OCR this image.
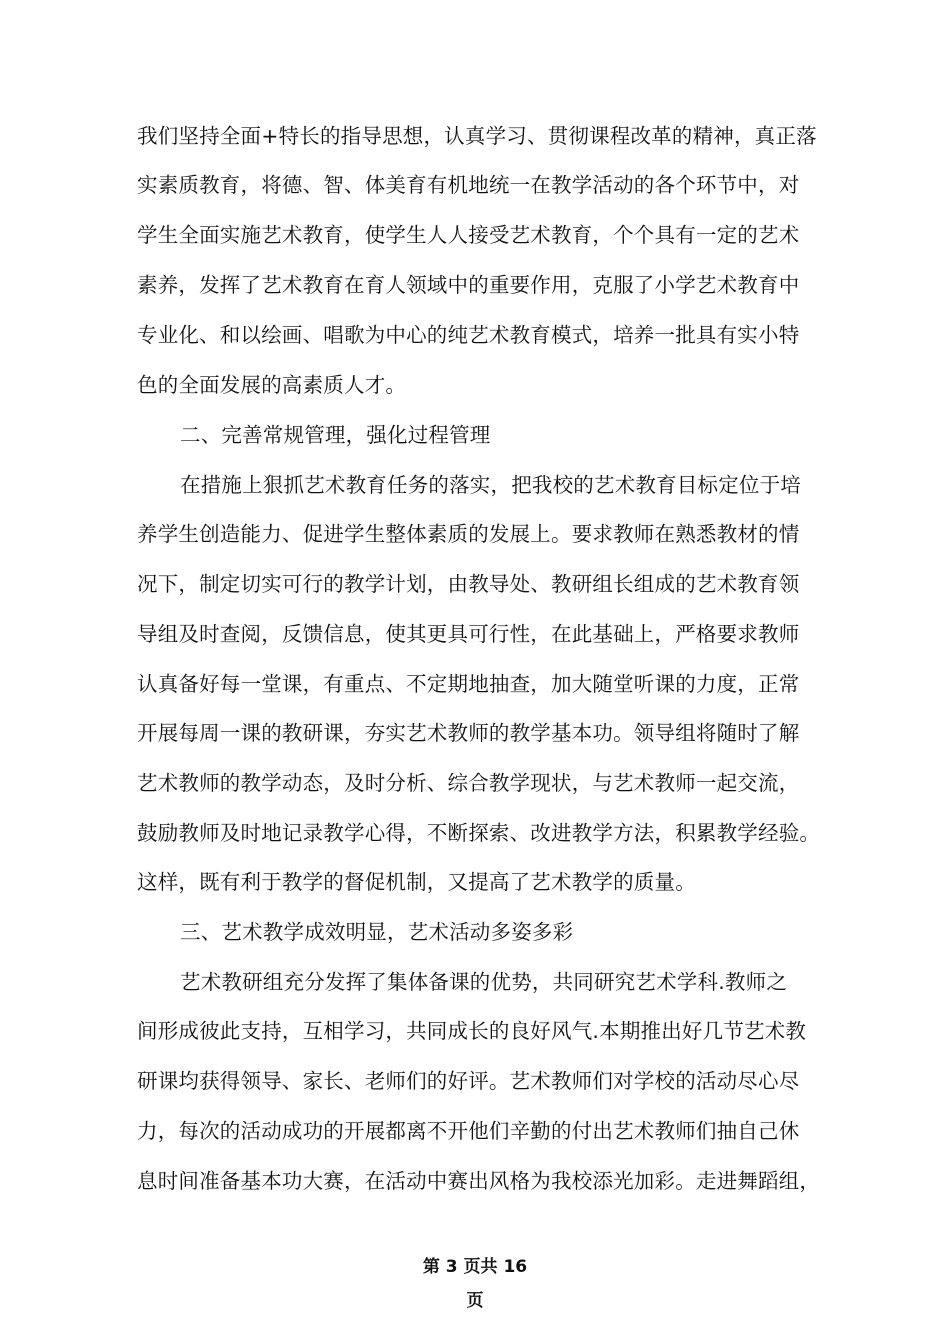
我们坚持全面+特长的指导思想，认真学习、贯彻课程改革的精神，真正落
实素质教育，将德、智、体美育有机地统一在教学活动的各个环节中，对
学生全面实施艺术教育，使学生人人接受艺术教育，个个具有一定的艺术
素养，发挥了艺术教育在育人领域中的重要作用，克服了小学艺术教育中
专业化、和以绘画、唱歌为中心的纯艺术教育模式，培养一批具有实小特
色的全面发展的高素质人才。
二、完善常规管理，强化过程管理
在措施上狠抓艺术教育任务的落实，把我校的艺术教育目标定位于培
养学生创造能力、促进学生整体素质的发展上。要求教师在熟悉教材的情
况下，制定切实可行的教学计划，由教导处、教研组长组成的艺术教育领
导组及时查阅，反馈信息，使其更具可行性，在此基础上，严格要求教师
认真备好每一堂课，有重点、不定期地抽查，加大随堂听课的力度，正常
开展每周一课的教研课，夯实艺术教师的教学基本功。领导组将随时了解
艺术教师的教学动态，及时分析、综合教学现状，与艺术教师一起交流，
鼓励教师及时地记录教学心得，不断探索、改进教学方法，积累教学经验。
这样，既有利于教学的督促机制，又提高了艺术教学的质量。
三、艺术教学成效明显，艺术活动多姿多彩
艺术教研组充分发挥了集体备课的优势，共同研究艺术学科.教师之
间形成彼此支持，互相学习，共同成长的良好风气.本期推出好几节艺术教
研课均获得领导、家长、老师们的好评。艺术教师们对学校的活动尽心尽
力，每次的活动成功的开展都离不开他们辛勤的付出艺术教师们抽自己休
息时间准备基本功大赛，在活动中赛出风格为我校添光加彩。走进舞蹈组，
第 3 页共 16
页
